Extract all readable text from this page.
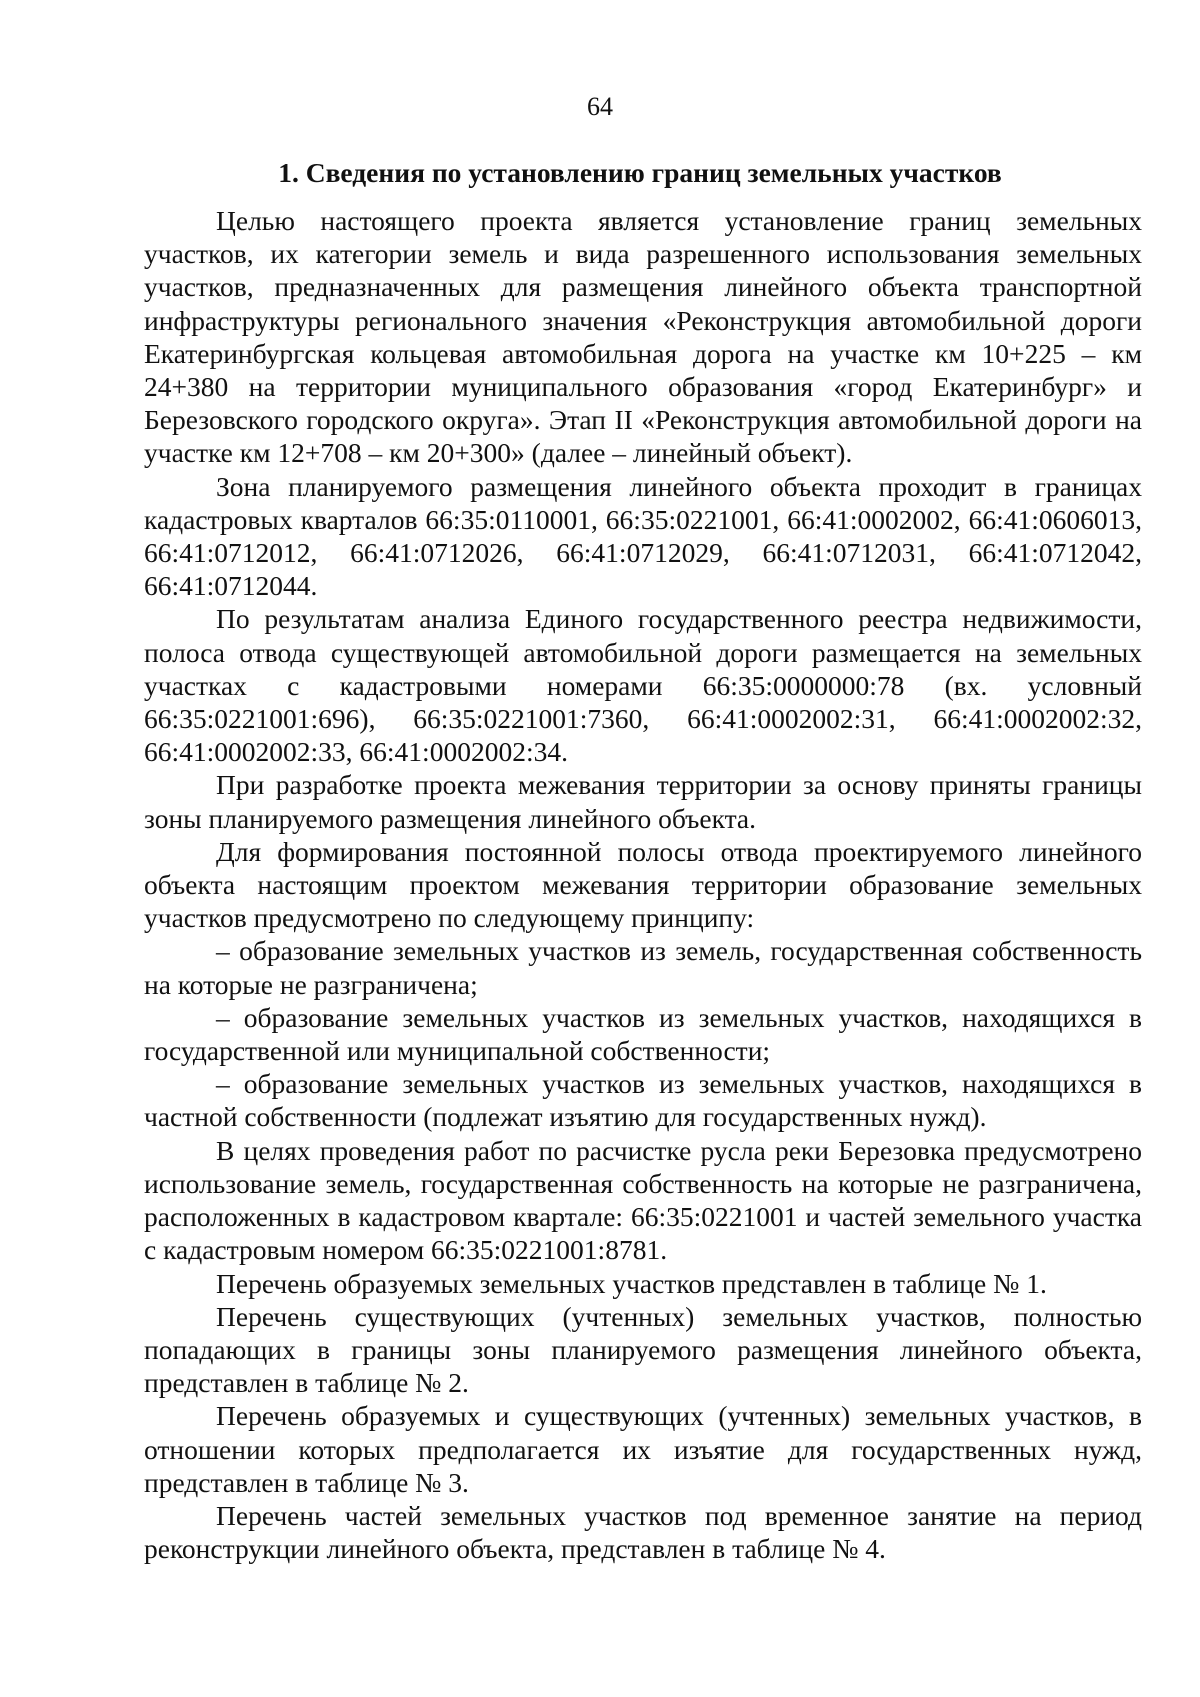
64
1. Сведения по установлению границ земельных участков

Целью настоящего проекта является установление границ земельных участков, их категории земель и вида разрешенного использования земельных участков, предназначенных для размещения линейного объекта транспортной инфраструктуры регионального значения «Реконструкция автомобильной дороги Екатеринбургская кольцевая автомобильная дорога на участке км 10+225 – км 24+380 на территории муниципального образования «город Екатеринбург» и Березовского городского округа». Этап II «Реконструкция автомобильной дороги на участке км 12+708 – км 20+300» (далее – линейный объект).

Зона планируемого размещения линейного объекта проходит в границах кадастровых кварталов 66:35:0110001, 66:35:0221001, 66:41:0002002, 66:41:0606013, 66:41:0712012, 66:41:0712026, 66:41:0712029, 66:41:0712031, 66:41:0712042, 66:41:0712044.

По результатам анализа Единого государственного реестра недвижимости, полоса отвода существующей автомобильной дороги размещается на земельных участках с кадастровыми номерами 66:35:0000000:78 (вх. условный 66:35:0221001:696), 66:35:0221001:7360, 66:41:0002002:31, 66:41:0002002:32, 66:41:0002002:33, 66:41:0002002:34.

При разработке проекта межевания территории за основу приняты границы зоны планируемого размещения линейного объекта.

Для формирования постоянной полосы отвода проектируемого линейного объекта настоящим проектом межевания территории образование земельных участков предусмотрено по следующему принципу:

– образование земельных участков из земель, государственная собственность на которые не разграничена;

– образование земельных участков из земельных участков, находящихся в государственной или муниципальной собственности;

– образование земельных участков из земельных участков, находящихся в частной собственности (подлежат изъятию для государственных нужд).

В целях проведения работ по расчистке русла реки Березовка предусмотрено использование земель, государственная собственность на которые не разграничена, расположенных в кадастровом квартале: 66:35:0221001 и частей земельного участка с кадастровым номером 66:35:0221001:8781.

Перечень образуемых земельных участков представлен в таблице № 1.

Перечень существующих (учтенных) земельных участков, полностью попадающих в границы зоны планируемого размещения линейного объекта, представлен в таблице № 2.

Перечень образуемых и существующих (учтенных) земельных участков, в отношении которых предполагается их изъятие для государственных нужд, представлен в таблице № 3.

Перечень частей земельных участков под временное занятие на период реконструкции линейного объекта, представлен в таблице № 4.
